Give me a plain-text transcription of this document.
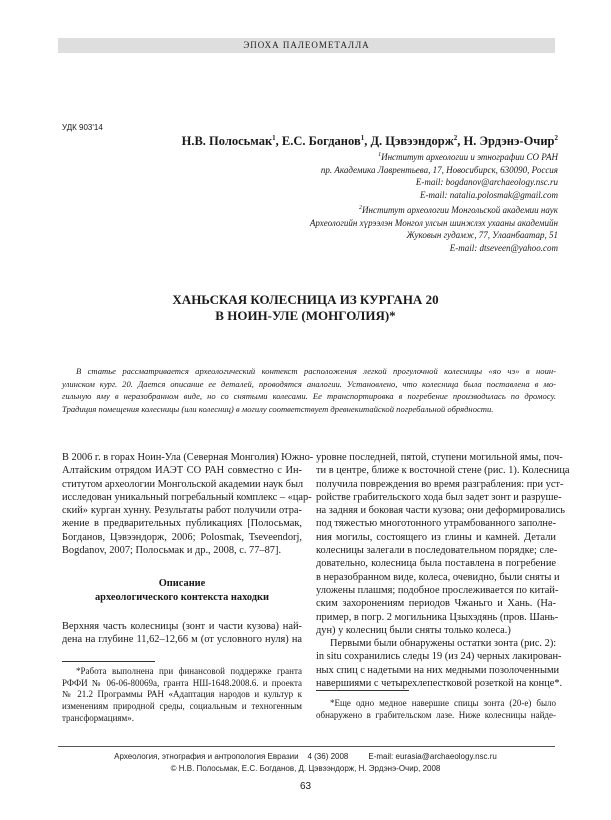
ЭПОХА ПАЛЕОМЕТАЛЛА
УДК 903'14
Н.В. Полосьмак$^1$, Е.С. Богданов$^1$, Д. Цэвээндорж$^2$, Н. Эрдэнэ-Очир$^2$
$^1$Институт археологии и этнографии СО РАН
пр. Академика Лаврентьева, 17, Новосибирск, 630090, Россия
E-mail: bogdanov@archaeology.nsc.ru
E-mail: natalia.polosmak@gmail.com
$^2$Институт археологии Монгольской академии наук
Археологийн хүрээлэн Монгол улсын шинжлэх ухааны академийн
Жуковын гудамж, 77, Улаанбаатар, 51
E-mail: dtseveen@yahoo.com
ХАНЬСКАЯ КОЛЕСНИЦА ИЗ КУРГАНА 20
В НОИН-УЛЕ (МОНГОЛИЯ)*
В статье рассматривается археологический контекст расположения легкой прогулочной колесницы «яо чэ» в ноин-
улинском кург. 20. Дается описание ее деталей, проводятся аналогии. Установлено, что колесница была поставлена в мо-
гильную яму в неразобранном виде, но со снятыми колесами. Ее транспортировка в погребение производилась по дромосу.
Традиция помещения колесницы (или колесниц) в могилу соответствует древнекитайской погребальной обрядности.
В 2006 г. в горах Ноин-Ула (Северная Монголия) Южно-
Алтайским отрядом ИАЭТ СО РАН совместно с Ин-
ститутом археологии Монгольской академии наук был
исследован уникальный погребальный комплекс – «цар-
ский» курган хунну. Результаты работ получили отра-
жение в предварительных публикациях [Полосьмак,
Богданов, Цэвээндорж, 2006; Polosmak, Tseveendorj,
Bogdanov, 2007; Полосьмак и др., 2008, с. 77–87].
Описание
археологического контекста находки
Верхняя часть колесницы (зонт и части кузова) най-
дена на глубине 11,62–12,66 м (от условного нуля) на
*Работа выполнена при финансовой поддержке гранта
РФФИ № 06-06-80069а, гранта НШ-1648.2008.6. и проекта
№ 21.2 Программы РАН «Адаптация народов и культур к
изменениям природной среды, социальным и техногенным
трансформациям».
уровне последней, пятой, ступени могильной ямы, поч-
ти в центре, ближе к восточной стене (рис. 1). Колесница
получила повреждения во время разграбления: при уст-
ройстве грабительского хода был задет зонт и разруше-
на задняя и боковая части кузова; они деформировались
под тяжестью многотонного утрамбованного заполне-
ния могилы, состоящего из глины и камней. Детали
колесницы залегали в последовательном порядке; сле-
довательно, колесница была поставлена в погребение
в неразобранном виде, колеса, очевидно, были сняты и
уложены плашмя; подобное прослеживается по китай-
ским захоронениям периодов Чжаньго и Хань. (На-
пример, в погр. 2 могильника Цзыхэдянь (пров. Шань-
дун) у колесниц были сняты только колеса.)
Первыми были обнаружены остатки зонта (рис. 2):
in situ сохранились следы 19 (из 24) черных лакирован-
ных спиц с надетыми на них медными позолоченными
навершиями с четырехлепестковой розеткой на конце*.
*Еще одно медное навершие спицы зонта (20-е) было
обнаружено в грабительском лазе. Ниже колесницы найде-
Археология, этнография и антропология Евразии 4 (36) 2008	E-mail: eurasia@archaeology.nsc.ru
© Н.В. Полосьмак, Е.С. Богданов, Д. Цэвээндорж, Н. Эрдэнэ-Очир, 2008
63
